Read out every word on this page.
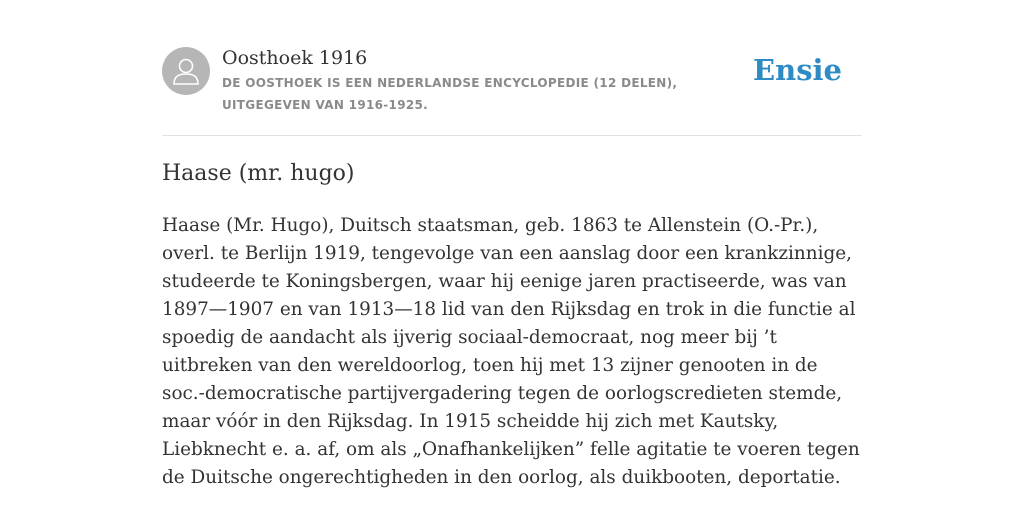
Oosthoek 1916
DE OOSTHOEK IS EEN NEDERLANDSE ENCYCLOPEDIE (12 DELEN), UITGEGEVEN VAN 1916-1925.
Ensie
Haase (mr. hugo)

Haase (Mr. Hugo), Duitsch staatsman, geb. 1863 te Allenstein (O.-Pr.), overl. te Berlijn 1919, tengevolge van een aanslag door een krankzinnige, studeerde te Koningsbergen, waar hij eenige jaren practiseerde, was van 1897—1907 en van 1913—18 lid van den Rijksdag en trok in die functie al spoedig de aandacht als ijverig sociaal-democraat, nog meer bij ’t uitbreken van den wereldoorlog, toen hij met 13 zijner genooten in de soc.-democratische partijvergadering tegen de oorlogscredieten stemde, maar vóór in den Rijksdag. In 1915 scheidde hij zich met Kautsky, Liebknecht e. a. af, om als „Onafhankelijken” felle agitatie te voeren tegen de Duitsche ongerechtigheden in den oorlog, als duikbooten, deportatie.
